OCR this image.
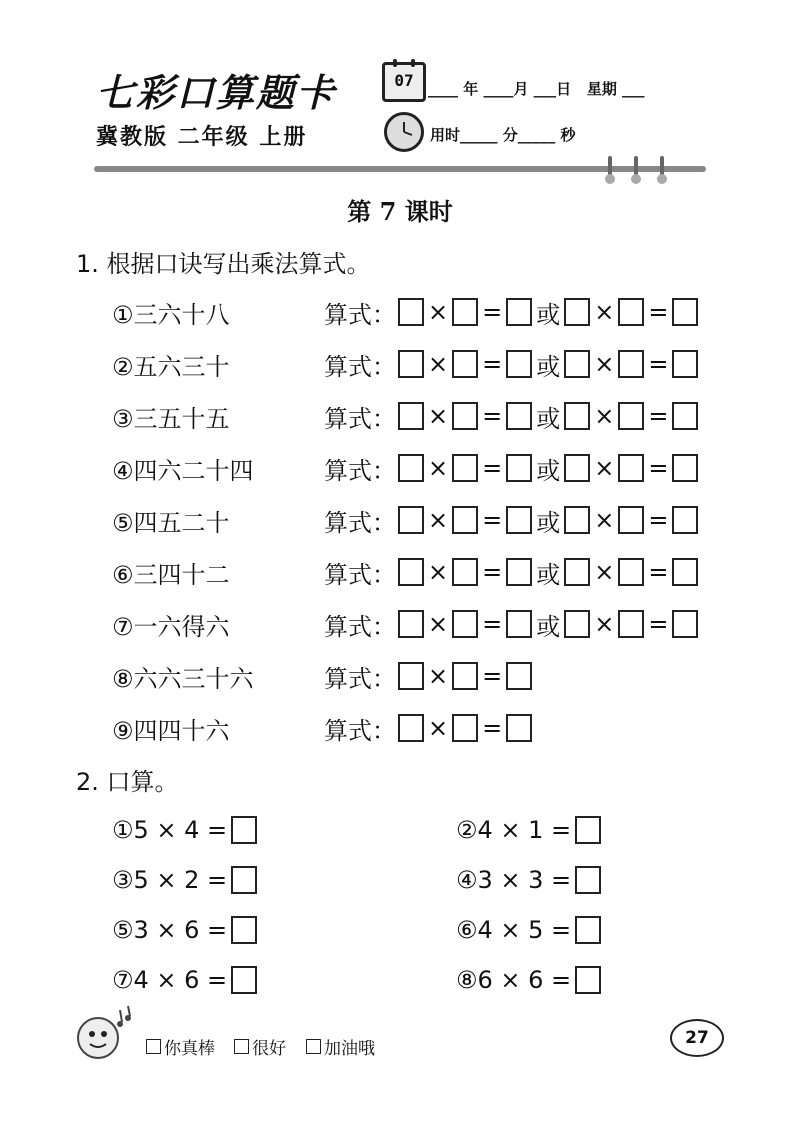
七彩口算题卡
冀教版 二年级 上册
07 ____ 年 ____月 ___日   星期 ___
用时_____ 分_____ 秒
第 7 课时
1. 根据口诀写出乘法算式。
①三六十八	算式： × = 或 × =
②五六三十	算式： × = 或 × =
③三五十五	算式： × = 或 × =
④四六二十四	算式： × = 或 × =
⑤四五二十	算式： × = 或 × =
⑥三四十二	算式： × = 或 × =
⑦一六得六	算式： × = 或 × =
⑧六六三十六	算式： × =
⑨四四十六	算式： × =
2. 口算。
①5 × 4 =	②4 × 1 =
③5 × 2 =	④3 × 3 =
⑤3 × 6 =	⑥4 × 5 =
⑦4 × 6 =	⑧6 × 6 =
你真棒 很好 加油哦
27
